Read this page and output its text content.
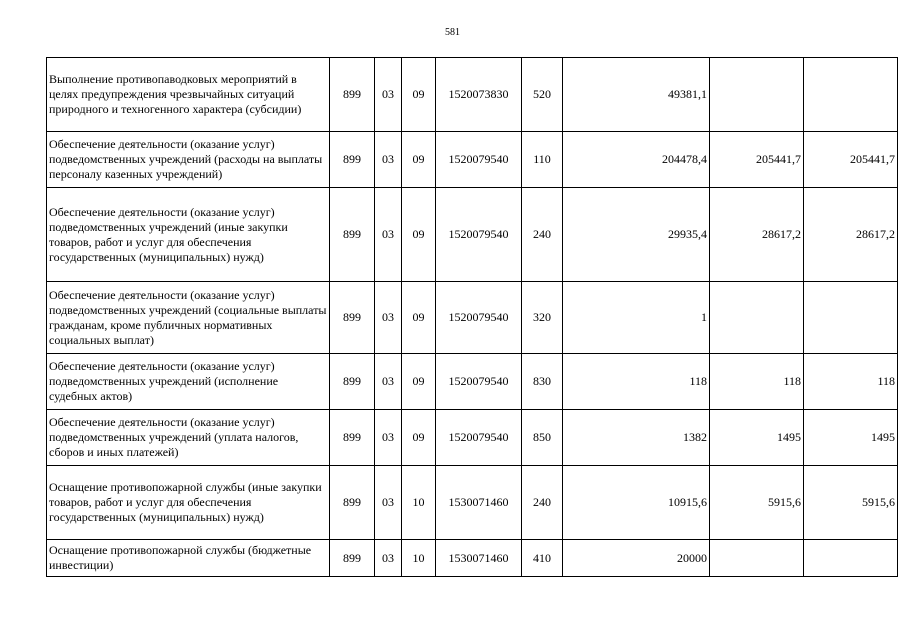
581
Выполнение противопаводковых мероприятий в целях предупреждения чрезвычайных ситуаций природного и техногенного характера (субсидии)	899	03	09	1520073830	520	49381,1		
Обеспечение деятельности (оказание услуг) подведомственных учреждений (расходы на выплаты персоналу казенных учреждений)	899	03	09	1520079540	110	204478,4	205441,7	205441,7
Обеспечение деятельности (оказание услуг) подведомственных учреждений (иные закупки товаров, работ и услуг для обеспечения государственных (муниципальных) нужд)	899	03	09	1520079540	240	29935,4	28617,2	28617,2
Обеспечение деятельности (оказание услуг) подведомственных учреждений (социальные выплаты гражданам, кроме публичных нормативных социальных выплат)	899	03	09	1520079540	320	1		
Обеспечение деятельности (оказание услуг) подведомственных учреждений (исполнение судебных актов)	899	03	09	1520079540	830	118	118	118
Обеспечение деятельности (оказание услуг) подведомственных учреждений (уплата налогов, сборов и иных платежей)	899	03	09	1520079540	850	1382	1495	1495
Оснащение противопожарной службы (иные закупки товаров, работ и услуг для обеспечения государственных (муниципальных) нужд)	899	03	10	1530071460	240	10915,6	5915,6	5915,6
Оснащение противопожарной службы (бюджетные инвестиции)	899	03	10	1530071460	410	20000		
